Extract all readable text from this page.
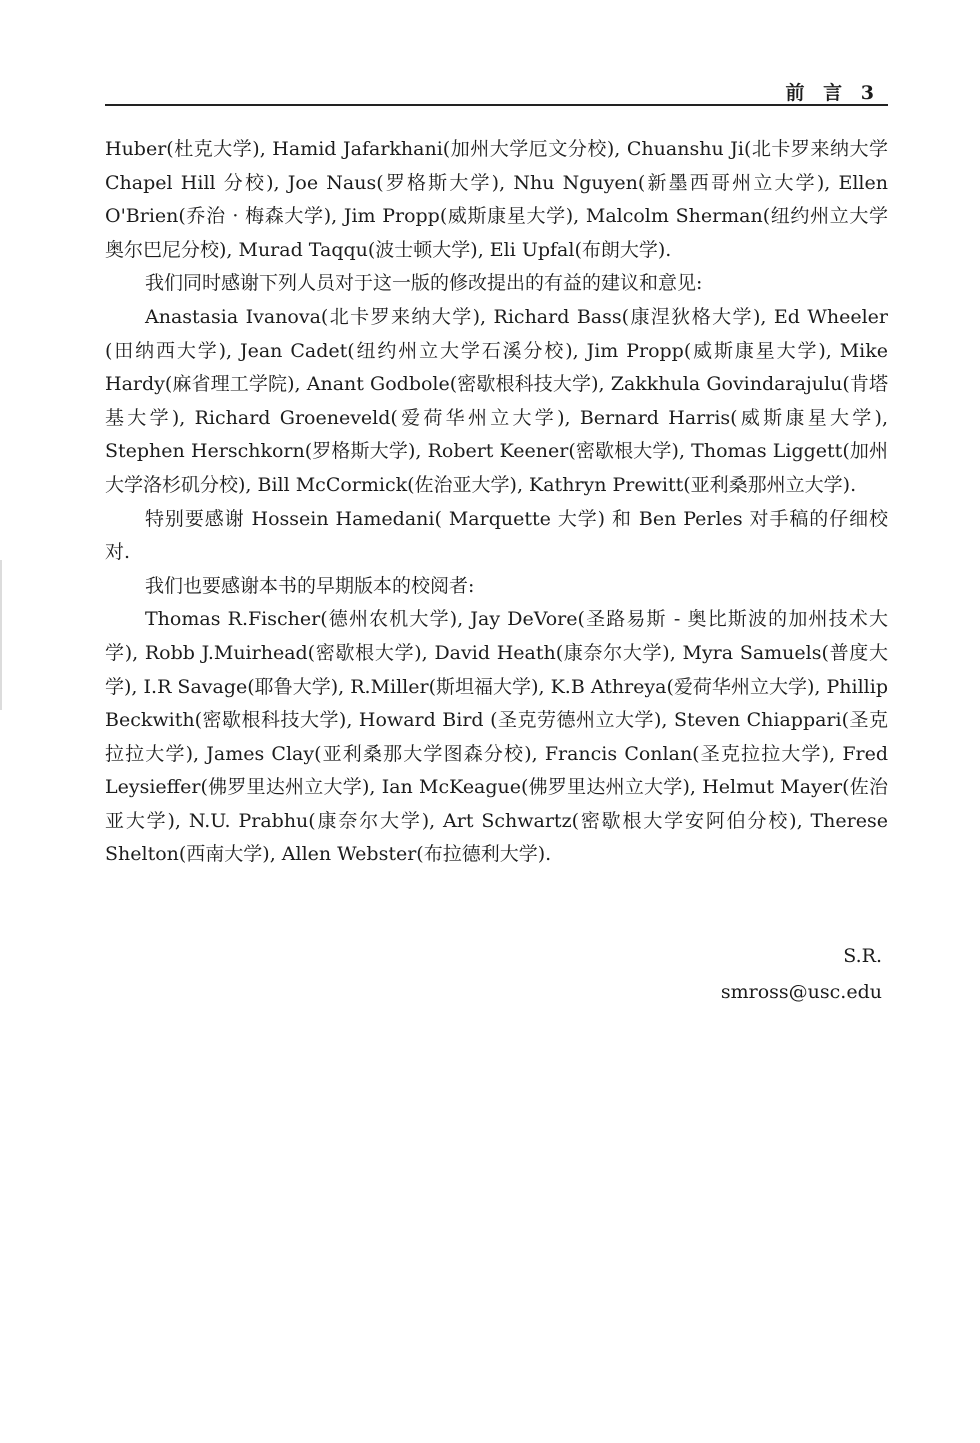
前 言 3

Huber(杜克大学), Hamid Jafarkhani(加州大学厄文分校), Chuanshu Ji(北卡罗来纳大学 Chapel Hill 分校), Joe Naus(罗格斯大学), Nhu Nguyen(新墨西哥州立大学), Ellen O'Brien(乔治 · 梅森大学), Jim Propp(威斯康星大学), Malcolm Sherman(纽约州立大学奥尔巴尼分校), Murad Taqqu(波士顿大学), Eli Upfal(布朗大学).

我们同时感谢下列人员对于这一版的修改提出的有益的建议和意见:

Anastasia Ivanova(北卡罗来纳大学), Richard Bass(康涅狄格大学), Ed Wheeler (田纳西大学), Jean Cadet(纽约州立大学石溪分校), Jim Propp(威斯康星大学), Mike Hardy(麻省理工学院), Anant Godbole(密歇根科技大学), Zakkhula Govindarajulu(肯塔基大学), Richard Groeneveld(爱荷华州立大学), Bernard Harris(威斯康星大学), Stephen Herschkorn(罗格斯大学), Robert Keener(密歇根大学), Thomas Liggett(加州大学洛杉矶分校), Bill McCormick(佐治亚大学), Kathryn Prewitt(亚利桑那州立大学).

特别要感谢 Hossein Hamedani( Marquette 大学) 和 Ben Perles 对手稿的仔细校对.

我们也要感谢本书的早期版本的校阅者:

Thomas R.Fischer(德州农机大学), Jay DeVore(圣路易斯 - 奥比斯波的加州技术大学), Robb J.Muirhead(密歇根大学), David Heath(康奈尔大学), Myra Samuels(普度大学), I.R Savage(耶鲁大学), R.Miller(斯坦福大学), K.B Athreya(爱荷华州立大学), Phillip Beckwith(密歇根科技大学), Howard Bird (圣克劳德州立大学), Steven Chiappari(圣克拉拉大学), James Clay(亚利桑那大学图森分校), Francis Conlan(圣克拉拉大学), Fred Leysieffer(佛罗里达州立大学), Ian McKeague(佛罗里达州立大学), Helmut Mayer(佐治亚大学), N.U. Prabhu(康奈尔大学), Art Schwartz(密歇根大学安阿伯分校), Therese Shelton(西南大学), Allen Webster(布拉德利大学).

S.R.
smross@usc.edu
